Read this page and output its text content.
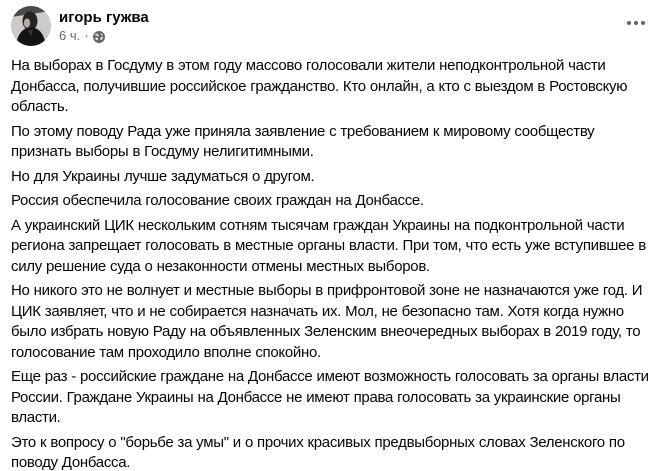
игорь гужва
6 ч. ·

На выборах в Госдуму в этом году массово голосовали жители неподконтрольной части Донбасса, получившие российское гражданство. Кто онлайн, а кто с выездом в Ростовскую область.

По этому поводу Рада уже приняла заявление с требованием к мировому сообществу признать выборы в Госдуму нелигитимными.

Но для Украины лучше задуматься о другом.

Россия обеспечила голосование своих граждан на Донбассе.

А украинский ЦИК нескольким сотням тысячам граждан Украины на подконтрольной части региона запрещает голосовать в местные органы власти. При том, что есть уже вступившее в силу решение суда о незаконности отмены местных выборов.

Но никого это не волнует и местные выборы в прифронтовой зоне не назначаются уже год. И ЦИК заявляет, что и не собирается назначать их. Мол, не безопасно там. Хотя когда нужно было избрать новую Раду на объявленных Зеленским внеочередных выборах в 2019 году, то голосование там проходило вполне спокойно.

Еще раз - российские граждане на Донбассе имеют возможность голосовать за органы власти России. Граждане Украины на Донбассе не имеют права голосовать за украинские органы власти.

Это к вопросу о "борьбе за умы" и о прочих красивых предвыборных словах Зеленского по поводу Донбасса.
